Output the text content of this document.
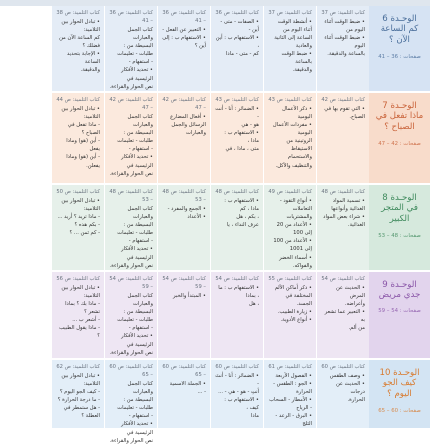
الوحـدة 6
كم الساعة الآن ؟
صفحات : 36 – 41
كتاب التلميذ: ص 37
• ضبط الوقت أثناء اليوم من
• ضبط الوقت أثناء اليوم
بالساعة والدقيقة.
كتاب التلميذ: ص 37
• أنشطة الوقت أثناء اليوم من
الساعة إلى الثانية والعادية
• ضبط الوقت بالساعة
والدقيقة.
كتاب التلميذ: ص 36
• الصفات - متى - أين -
• الاستفهام ب : أين ،
كم - متى - ماذا
كتاب التلميذ: ص 36 – 41
• التعبير عن الفعل -
• الاستفهام ب : إلى أين ؟
كتاب التلميذ: ص 36 – 41
كتاب الجمل والعبارات
البسيطة من : طلبات - تعليمات
- استفهام -
• تحديد الأفكار الرئيسية في
نص الحوار والقراءة.
كتاب التلميذ: ص 38
• تبادل الحوار بين التلاميذ:
كم الساعة الآن من فضلك ؟
• الإجابة بتحديد الساعة
والدقيقة.
الوحـدة 7
ماذا تفعل في الصباح ؟
صفحات : 42 – 47
كتاب التلميذ: ص 42
• التي تقوم بها في
الصباح.
كتاب التلميذ: ص 43
• ذكر الأعمال اليومية
• مفردات الأعمال اليومية
الروتينية من الاستيقاظ
والاستحمام والتنظيف والأكل.
كتاب التلميذ: ص 43
• الضمائر : أنا - أنت -
هو - هي
• الاستفهام ب : ماذا ،
متى ، ماذا ، في
كتاب التلميذ: ص 42 – 47
• أفعال المضارع
الرسائل والجمل والعبارات
كتاب التلميذ: ص 42 – 47
كتاب الجمل والعبارات
البسيطة من : طلبات - تعليمات
- استفهام -
• تحديد الأفكار الرئيسية في
نص الحوار والقراءة.
كتاب التلميذ: ص 44
• تبادل الحوار بين التلاميذ:
- ماذا تفعل في الصباح ؟
- أين (هو) وماذا يفعل
- أين (هو) وماذا يفعلن.
الوحـدة 8
في المتجر الكبير
صفحات : 48 – 53
كتاب التلميذ: ص 48
• تسمية المواد
الغذائية وأنواعها
• شراء بعض المواد
الغذائية.
كتاب التلميذ: ص 49
• أنواع التقود - التعاملات
والمشتريات
• الأعداد من 20 إلى 100
• الأعداد من 100 إلى 1001
• أسماء الخضر والفواكه.
كتاب التلميذ: ص 48
• الاستفهام ب : ماذا ، كم
، بكم ، هل
عرف النداء ، يا
كتاب التلميذ: ص 48 – 53
• الجمع والمفرد -
• الأعداد
كتاب التلميذ: ص 48 – 53
كتاب الجمل والعبارات
البسيطة من : طلبات - تعليمات
- استفهام -
• تحديد الأفكار الرئيسية في
نص الحوار والقراءة.
كتاب التلميذ: ص 50
• تبادل الحوار بين التلاميذ:
- ماذا تريد ؟ أريد ...
- بكم هذه ؟
- كم ثمن ... ؟
الوحـدة 9
جدي مريض
صفحات : 54 – 59
كتاب التلميذ: ص 54
• الحديث عن المرض
وأعراضه.
• التعبير عما تشعر به
من ألم.
كتاب التلميذ: ص 55
• ذكر أماكن الألم المختلفة في
الجسد.
• زيارة الطبيب.
• أنواع الأدوية.
كتاب التلميذ: ص 54
• الاستفهام ب : ما ، بماذا
، هل
كتاب التلميذ: ص 54 – 59
• المبتدأ والخبر
كتاب التلميذ: ص 54 – 59
كتاب الجمل والعبارات
البسيطة من : طلبات - تعليمات
- استفهام -
• تحديد الأفكار الرئيسية في
نص الحوار والقراءة.
كتاب التلميذ: ص 56
• تبادل الحوار بين التلاميذ:
- ماذا بك ؟ بماذا تشعر ؟
- أشعر ب ...
- ماذا يقول الطبيب ؟
الوحـدة 10
كيف الجو اليوم ؟
صفحات : 60 – 65
كتاب التلميذ: ص 60
• وصف الطقس
• الحديث عن درجات
الحرارة.
كتاب التلميذ: ص 61
• الفصول الأربعة
• الجو : الطقس - الحرارة
• الأمطار - السحاب - الرياح
• البرق - الرعد - الثلج
كتاب التلميذ: ص 60
• الضمائر : أنا - أنتَ -
أنتِ - هو - هي - ...
• الاستفهام ب : كيف ،
ماذا
كتاب التلميذ: ص 60 – 65
• الجملة الاسمية
- ...
كتاب التلميذ: ص 60 – 65
كتاب الجمل والعبارات
البسيطة من : طلبات - تعليمات
- استفهام -
• تحديد الأفكار الرئيسية في
نص الحوار والقراءة.
كتاب التلميذ: ص 62
• تبادل الحوار بين التلاميذ:
- كيف الجو اليوم ؟
- ما درجة الحرارة ؟
- هل ستمطر في العطلة ؟
